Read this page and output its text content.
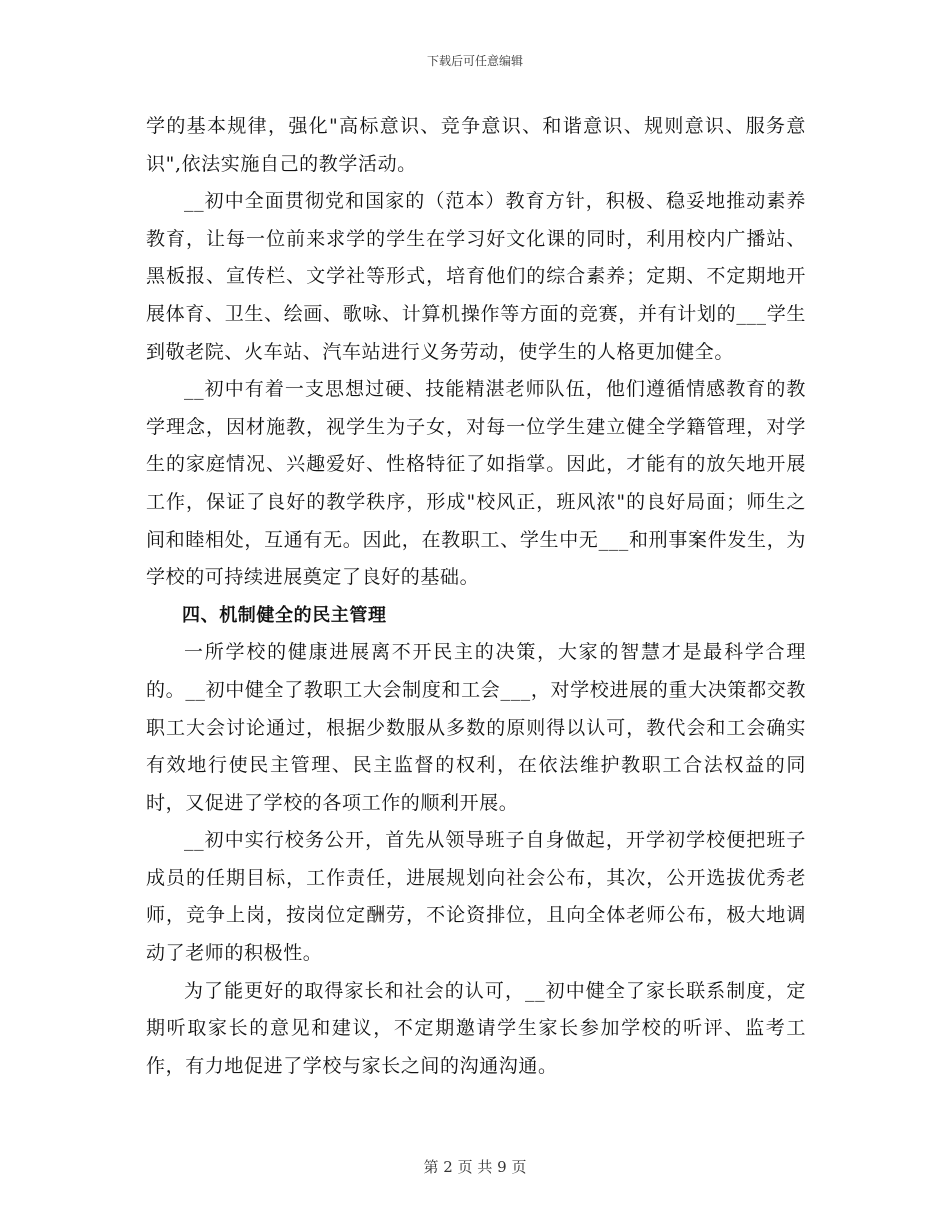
下载后可任意编辑

学的基本规律，强化"高标意识、竞争意识、和谐意识、规则意识、服务意识",依法实施自己的教学活动。

__初中全面贯彻党和国家的（范本）教育方针，积极、稳妥地推动素养教育，让每一位前来求学的学生在学习好文化课的同时，利用校内广播站、黑板报、宣传栏、文学社等形式，培育他们的综合素养；定期、不定期地开展体育、卫生、绘画、歌咏、计算机操作等方面的竞赛，并有计划的___学生到敬老院、火车站、汽车站进行义务劳动，使学生的人格更加健全。

__初中有着一支思想过硬、技能精湛老师队伍，他们遵循情感教育的教学理念，因材施教，视学生为子女，对每一位学生建立健全学籍管理，对学生的家庭情况、兴趣爱好、性格特征了如指掌。因此，才能有的放矢地开展工作，保证了良好的教学秩序，形成"校风正，班风浓"的良好局面；师生之间和睦相处，互通有无。因此，在教职工、学生中无___和刑事案件发生，为学校的可持续进展奠定了良好的基础。

四、机制健全的民主管理

一所学校的健康进展离不开民主的决策，大家的智慧才是最科学合理的。__初中健全了教职工大会制度和工会___，对学校进展的重大决策都交教职工大会讨论通过，根据少数服从多数的原则得以认可，教代会和工会确实有效地行使民主管理、民主监督的权利，在依法维护教职工合法权益的同时，又促进了学校的各项工作的顺利开展。

__初中实行校务公开，首先从领导班子自身做起，开学初学校便把班子成员的任期目标，工作责任，进展规划向社会公布，其次，公开选拔优秀老师，竞争上岗，按岗位定酬劳，不论资排位，且向全体老师公布，极大地调动了老师的积极性。

为了能更好的取得家长和社会的认可，__初中健全了家长联系制度，定期听取家长的意见和建议，不定期邀请学生家长参加学校的听评、监考工作，有力地促进了学校与家长之间的沟通沟通。

第 2 页 共 9 页
